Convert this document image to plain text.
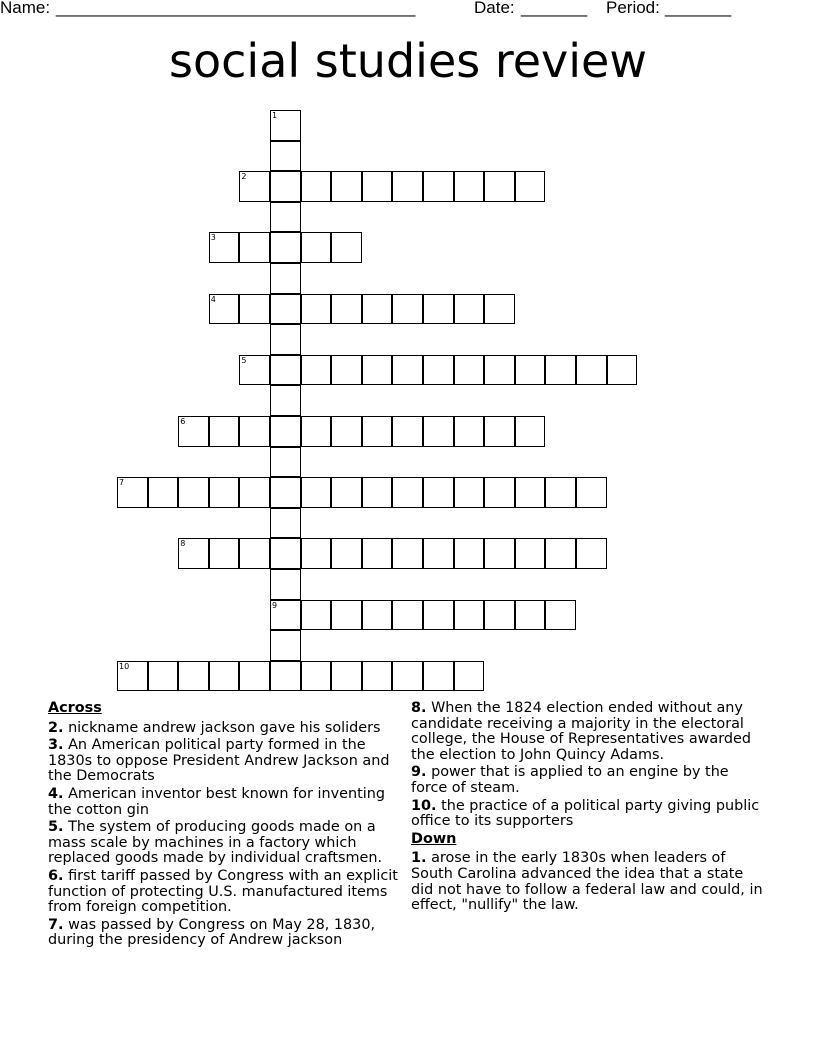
Name: ______________________________________	Date: _______ Period: _______
social studies review
1
9
2
3
4
5
6
7
8
10
Across
2. nickname andrew jackson gave his soliders
3. An American political party formed in the 1830s to oppose President Andrew Jackson and the Democrats
4. American inventor best known for inventing the cotton gin
5. The system of producing goods made on a mass scale by machines in a factory which replaced goods made by individual craftsmen.
6. first tariff passed by Congress with an explicit function of protecting U.S. manufactured items from foreign competition.
7. was passed by Congress on May 28, 1830, during the presidency of Andrew jackson
8. When the 1824 election ended without any candidate receiving a majority in the electoral college, the House of Representatives awarded the election to John Quincy Adams.
9. power that is applied to an engine by the force of steam.
10. the practice of a political party giving public office to its supporters
Down
1. arose in the early 1830s when leaders of South Carolina advanced the idea that a state did not have to follow a federal law and could, in effect, "nullify" the law.
